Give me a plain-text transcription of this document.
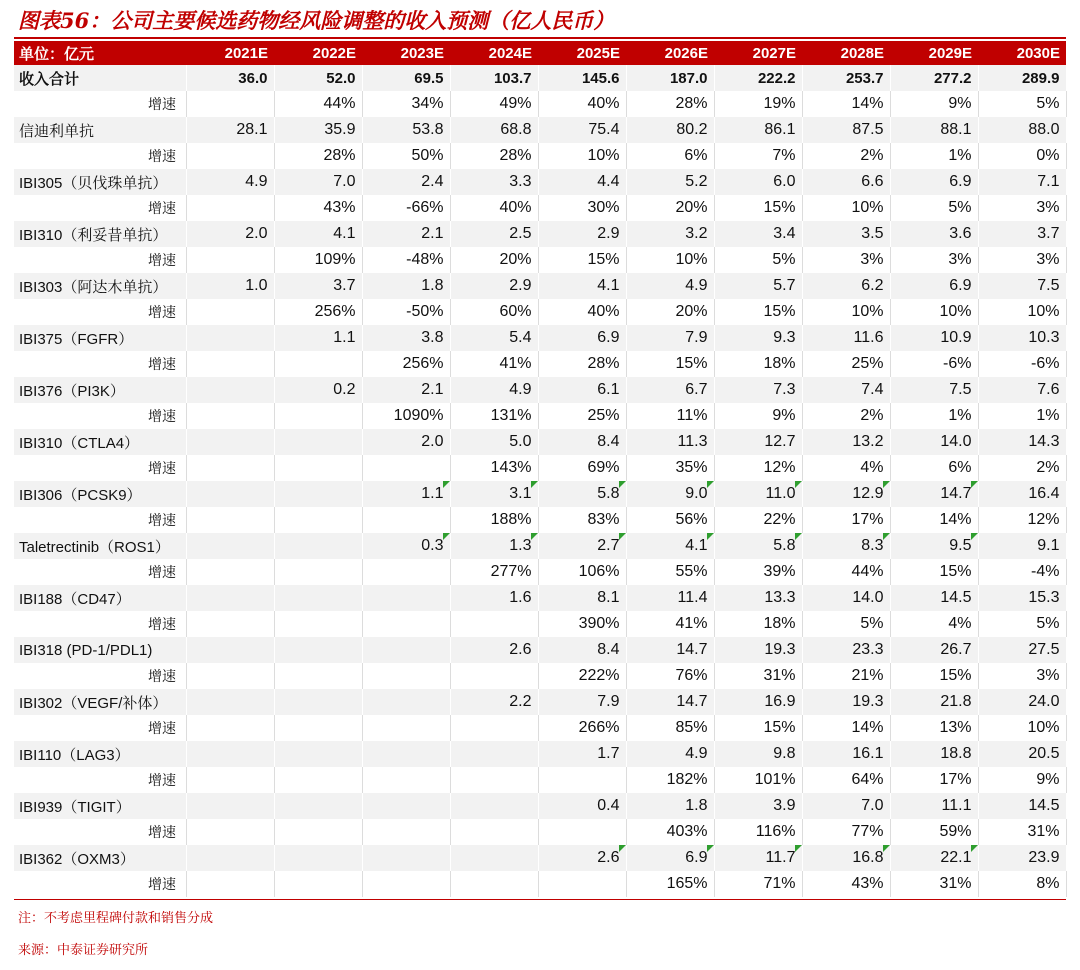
图表56：公司主要候选药物经风险调整的收入预测（亿人民币）
单位：亿元	2021E	2022E	2023E	2024E	2025E	2026E	2027E	2028E	2029E	2030E
收入合计	36.0	52.0	69.5	103.7	145.6	187.0	222.2	253.7	277.2	289.9
增速		44%	34%	49%	40%	28%	19%	14%	9%	5%
信迪利单抗	28.1	35.9	53.8	68.8	75.4	80.2	86.1	87.5	88.1	88.0
增速		28%	50%	28%	10%	6%	7%	2%	1%	0%
IBI305（贝伐珠单抗）	4.9	7.0	2.4	3.3	4.4	5.2	6.0	6.6	6.9	7.1
增速		43%	-66%	40%	30%	20%	15%	10%	5%	3%
IBI310（利妥昔单抗）	2.0	4.1	2.1	2.5	2.9	3.2	3.4	3.5	3.6	3.7
增速		109%	-48%	20%	15%	10%	5%	3%	3%	3%
IBI303（阿达木单抗）	1.0	3.7	1.8	2.9	4.1	4.9	5.7	6.2	6.9	7.5
增速		256%	-50%	60%	40%	20%	15%	10%	10%	10%
IBI375（FGFR）		1.1	3.8	5.4	6.9	7.9	9.3	11.6	10.9	10.3
增速			256%	41%	28%	15%	18%	25%	-6%	-6%
IBI376（PI3K）		0.2	2.1	4.9	6.1	6.7	7.3	7.4	7.5	7.6
增速			1090%	131%	25%	11%	9%	2%	1%	1%
IBI310（CTLA4）			2.0	5.0	8.4	11.3	12.7	13.2	14.0	14.3
增速				143%	69%	35%	12%	4%	6%	2%
IBI306（PCSK9）			1.1	3.1	5.8	9.0	11.0	12.9	14.7	16.4
增速				188%	83%	56%	22%	17%	14%	12%
Taletrectinib（ROS1）			0.3	1.3	2.7	4.1	5.8	8.3	9.5	9.1
增速				277%	106%	55%	39%	44%	15%	-4%
IBI188（CD47）				1.6	8.1	11.4	13.3	14.0	14.5	15.3
增速					390%	41%	18%	5%	4%	5%
IBI318 (PD-1/PDL1)				2.6	8.4	14.7	19.3	23.3	26.7	27.5
增速					222%	76%	31%	21%	15%	3%
IBI302（VEGF/补体）				2.2	7.9	14.7	16.9	19.3	21.8	24.0
增速					266%	85%	15%	14%	13%	10%
IBI110（LAG3）					1.7	4.9	9.8	16.1	18.8	20.5
增速						182%	101%	64%	17%	9%
IBI939（TIGIT）					0.4	1.8	3.9	7.0	11.1	14.5
增速						403%	116%	77%	59%	31%
IBI362（OXM3）					2.6	6.9	11.7	16.8	22.1	23.9
增速						165%	71%	43%	31%	8%
注：不考虑里程碑付款和销售分成
来源：中泰证券研究所
